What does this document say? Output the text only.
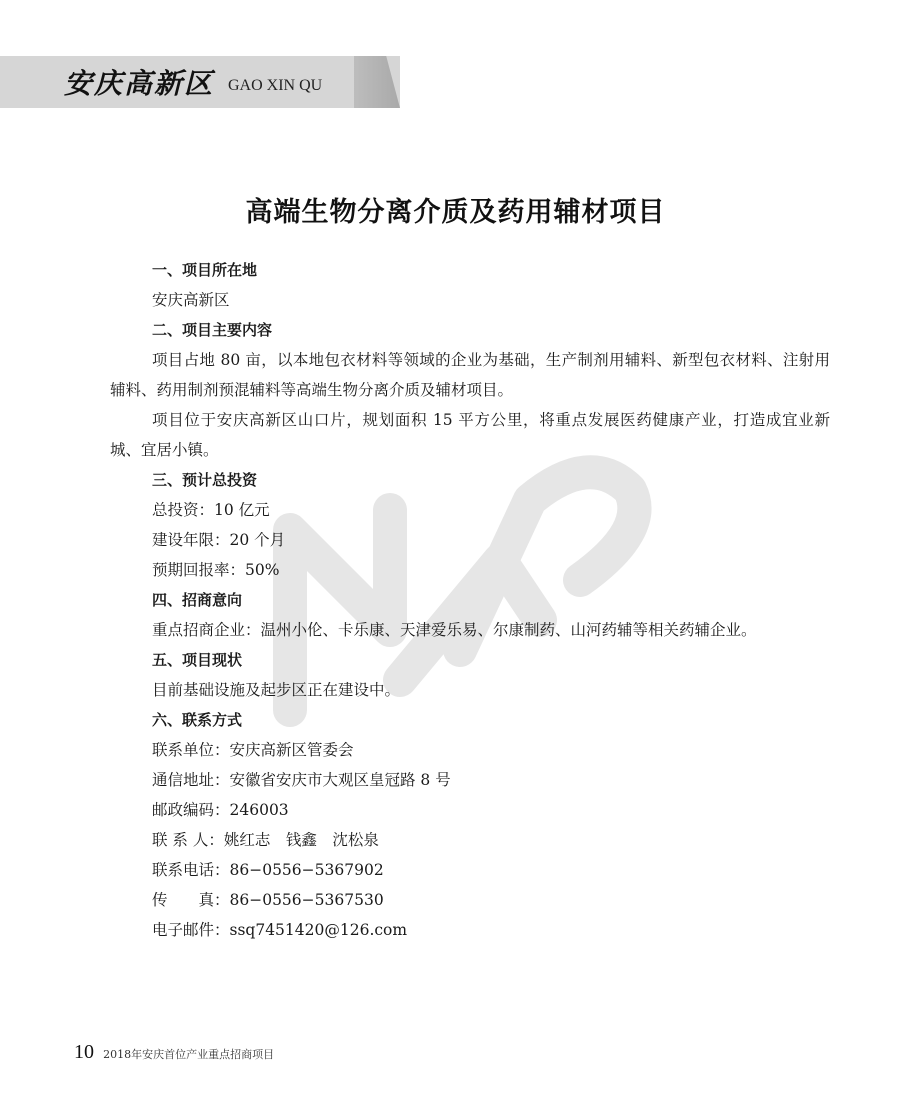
安庆高新区 GAO XIN QU
高端生物分离介质及药用辅材项目
一、项目所在地
安庆高新区
二、项目主要内容
项目占地 80 亩，以本地包衣材料等领域的企业为基础，生产制剂用辅料、新型包衣材料、注射用辅料、药用制剂预混辅料等高端生物分离介质及辅材项目。
项目位于安庆高新区山口片，规划面积 15 平方公里，将重点发展医药健康产业，打造成宜业新城、宜居小镇。
三、预计总投资
总投资：10 亿元
建设年限：20 个月
预期回报率：50%
四、招商意向
重点招商企业：温州小伦、卡乐康、天津爱乐易、尔康制药、山河药辅等相关药辅企业。
五、项目现状
目前基础设施及起步区正在建设中。
六、联系方式
联系单位：安庆高新区管委会
通信地址：安徽省安庆市大观区皇冠路 8 号
邮政编码：246003
联 系 人：姚红志　钱鑫　沈松泉
联系电话：86−0556−5367902
传　　真：86−0556−5367530
电子邮件：ssq7451420@126.com
10 2018年安庆首位产业重点招商项目
